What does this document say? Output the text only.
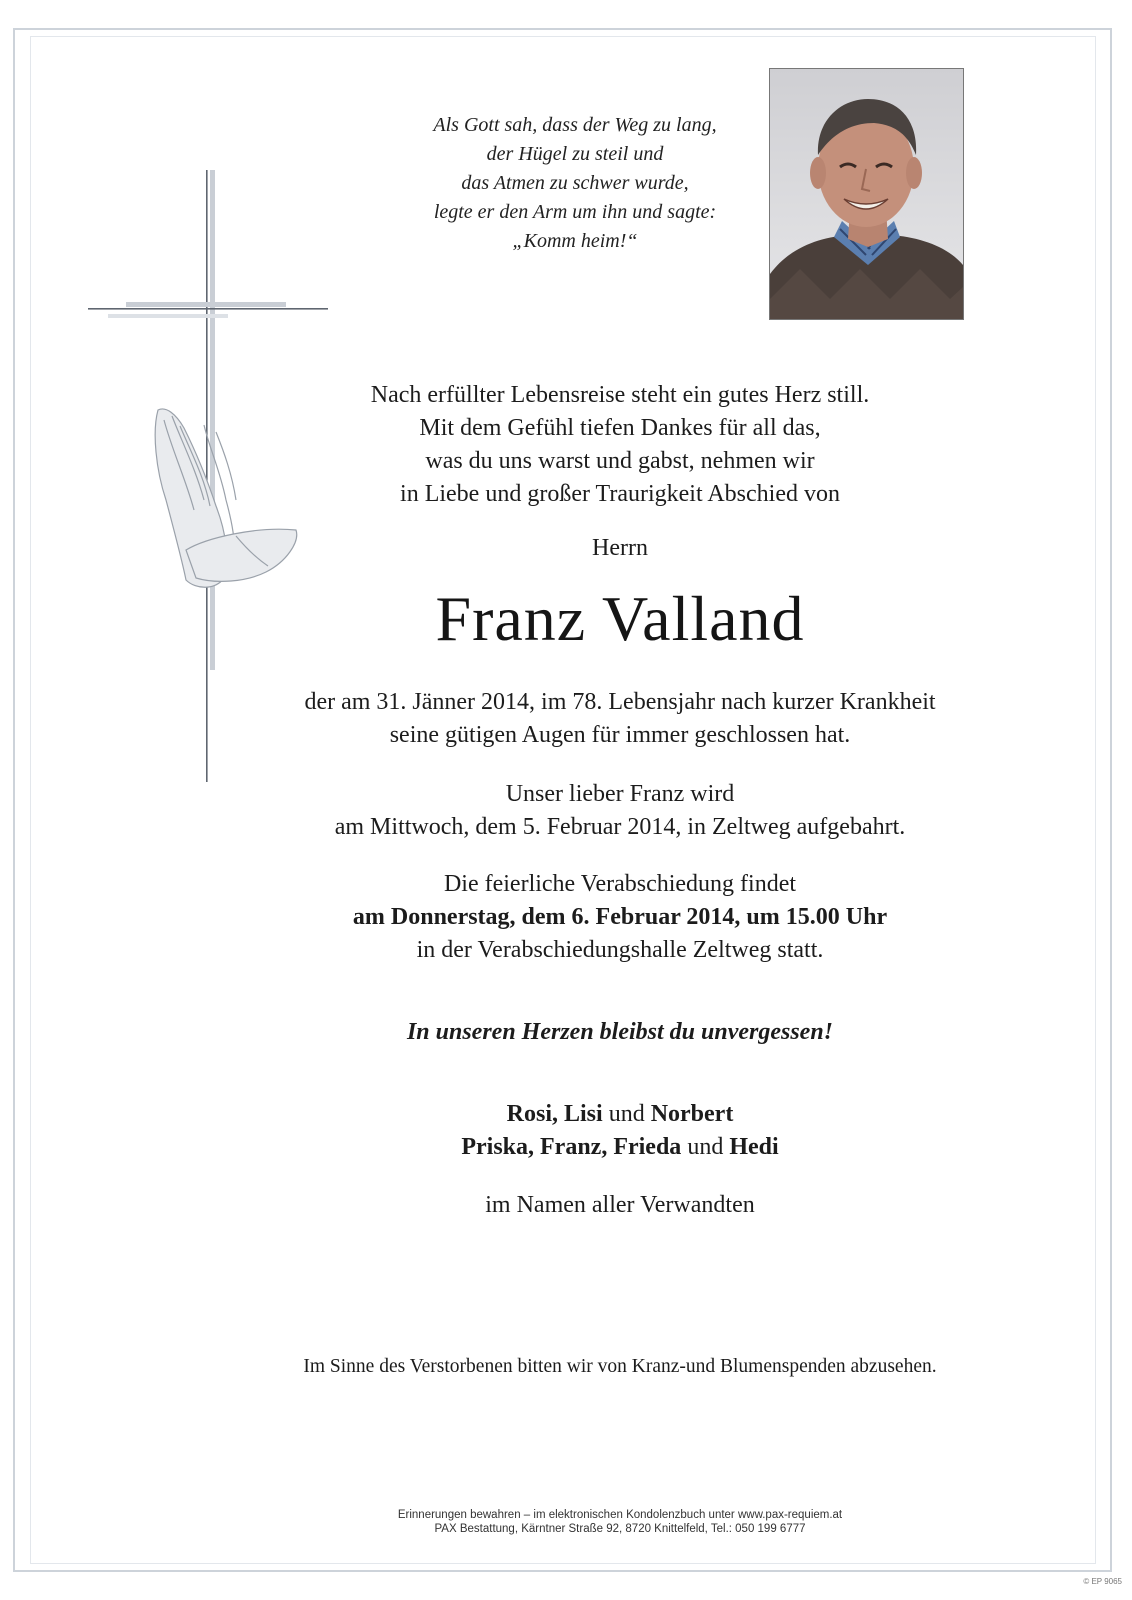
Als Gott sah, dass der Weg zu lang,
der Hügel zu steil und
das Atmen zu schwer wurde,
legte er den Arm um ihn und sagte:
„Komm heim!“
Nach erfüllter Lebensreise steht ein gutes Herz still.
Mit dem Gefühl tiefen Dankes für all das,
was du uns warst und gabst, nehmen wir
in Liebe und großer Traurigkeit Abschied von
Herrn
Franz Valland
der am 31. Jänner 2014, im 78. Lebensjahr nach kurzer Krankheit
seine gütigen Augen für immer geschlossen hat.
Unser lieber Franz wird
am Mittwoch, dem 5. Februar 2014, in Zeltweg aufgebahrt.
Die feierliche Verabschiedung findet
am Donnerstag, dem 6. Februar 2014, um 15.00 Uhr
in der Verabschiedungshalle Zeltweg statt.
In unseren Herzen bleibst du unvergessen!
Rosi, Lisi und Norbert
Priska, Franz, Frieda und Hedi
im Namen aller Verwandten
Im Sinne des Verstorbenen bitten wir von Kranz-und Blumenspenden abzusehen.
Erinnerungen bewahren – im elektronischen Kondolenzbuch unter www.pax-requiem.at
PAX Bestattung, Kärntner Straße 92, 8720 Knittelfeld, Tel.: 050 199 6777
© EP 9065
